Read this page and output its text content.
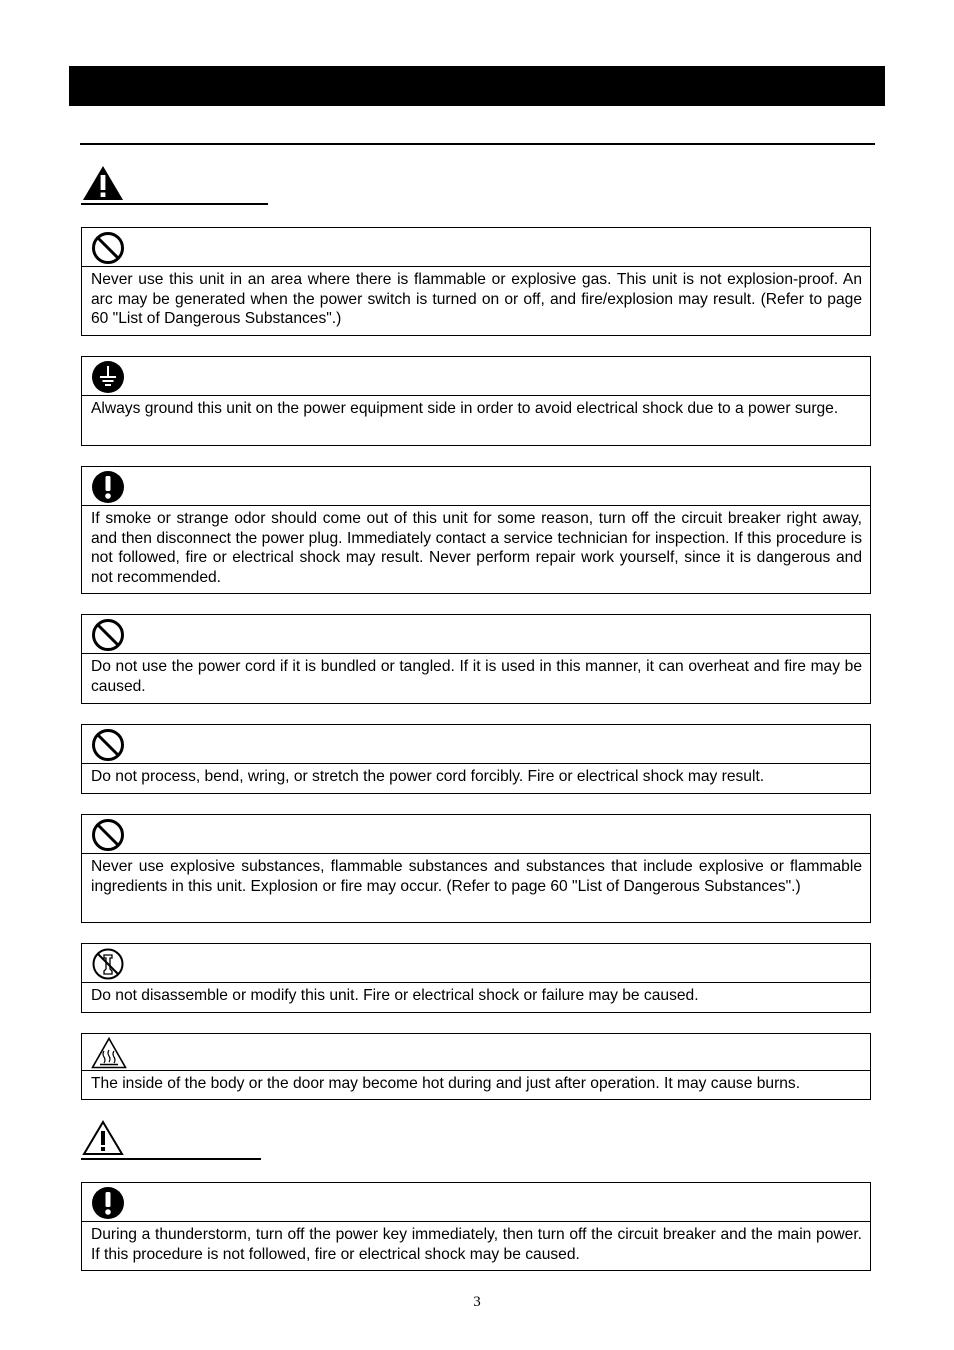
Never use this unit in an area where there is flammable or explosive gas. This unit is not explosion-proof. An arc may be generated when the power switch is turned on or off, and fire/explosion may result. (Refer to page 60 "List of Dangerous Substances".)
Always ground this unit on the power equipment side in order to avoid electrical shock due to a power surge.
If smoke or strange odor should come out of this unit for some reason, turn off the circuit breaker right away, and then disconnect the power plug. Immediately contact a service technician for inspection. If this procedure is not followed, fire or electrical shock may result. Never perform repair work yourself, since it is dangerous and not recommended.
Do not use the power cord if it is bundled or tangled. If it is used in this manner, it can overheat and fire may be caused.
Do not process, bend, wring, or stretch the power cord forcibly. Fire or electrical shock may result.
Never use explosive substances, flammable substances and substances that include explosive or flammable ingredients in this unit. Explosion or fire may occur. (Refer to page 60 "List of Dangerous Substances".)
Do not disassemble or modify this unit. Fire or electrical shock or failure may be caused.
The inside of the body or the door may become hot during and just after operation. It may cause burns.
During a thunderstorm, turn off the power key immediately, then turn off the circuit breaker and the main power. If this procedure is not followed, fire or electrical shock may be caused.
3
